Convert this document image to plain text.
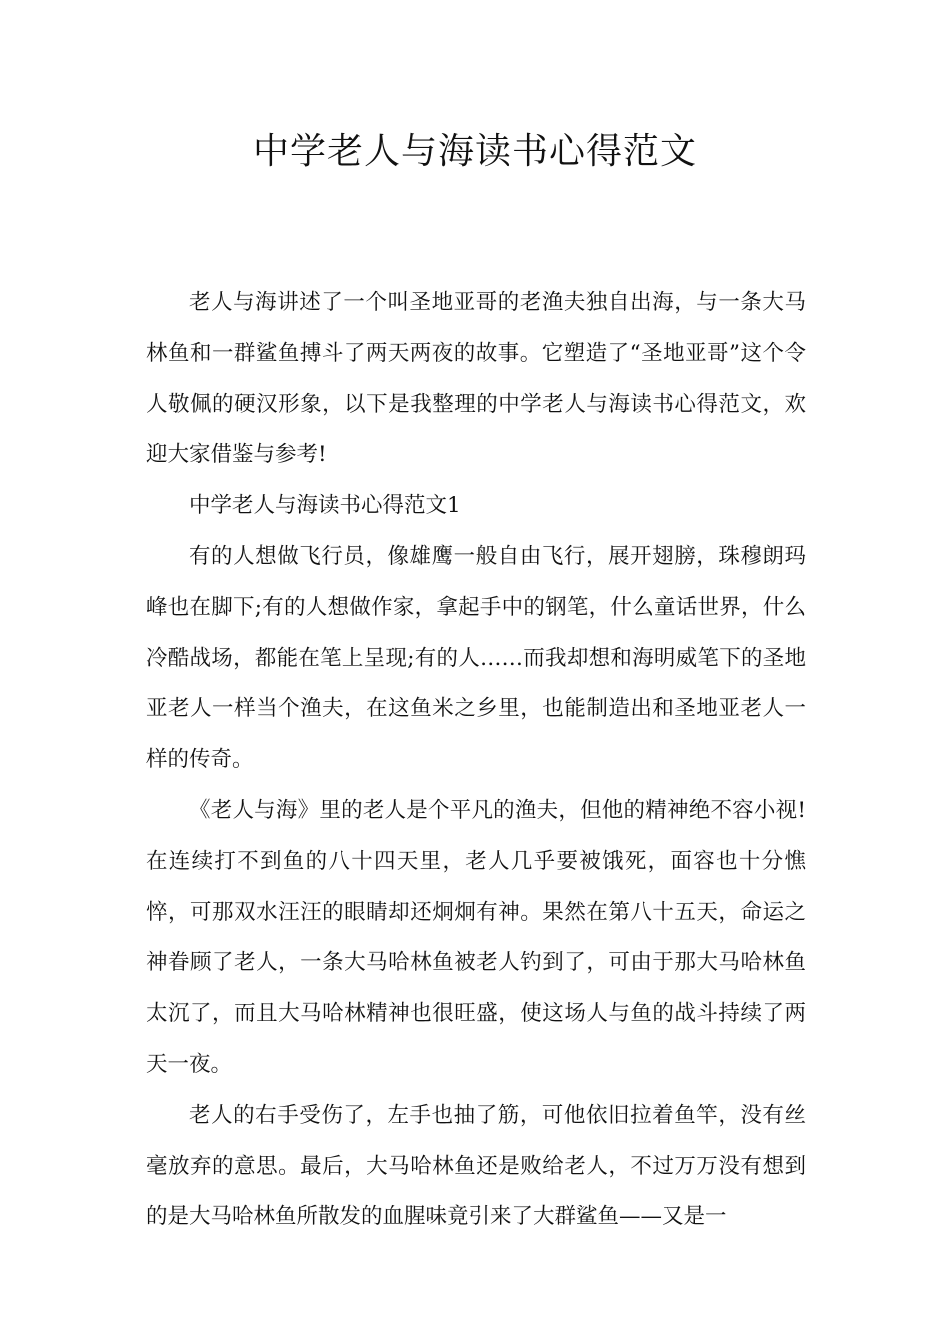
中学老人与海读书心得范文

老人与海讲述了一个叫圣地亚哥的老渔夫独自出海，与一条大马林鱼和一群鲨鱼搏斗了两天两夜的故事。它塑造了“圣地亚哥”这个令人敬佩的硬汉形象，以下是我整理的中学老人与海读书心得范文，欢迎大家借鉴与参考!

中学老人与海读书心得范文1

有的人想做飞行员，像雄鹰一般自由飞行，展开翅膀，珠穆朗玛峰也在脚下;有的人想做作家，拿起手中的钢笔，什么童话世界，什么冷酷战场，都能在笔上呈现;有的人……而我却想和海明威笔下的圣地亚老人一样当个渔夫，在这鱼米之乡里，也能制造出和圣地亚老人一样的传奇。

《老人与海》里的老人是个平凡的渔夫，但他的精神绝不容小视!在连续打不到鱼的八十四天里，老人几乎要被饿死，面容也十分憔悴，可那双水汪汪的眼睛却还炯炯有神。果然在第八十五天，命运之神眷顾了老人，一条大马哈林鱼被老人钓到了，可由于那大马哈林鱼太沉了，而且大马哈林精神也很旺盛，使这场人与鱼的战斗持续了两天一夜。

老人的右手受伤了，左手也抽了筋，可他依旧拉着鱼竿，没有丝毫放弃的意思。最后，大马哈林鱼还是败给老人，不过万万没有想到的是大马哈林鱼所散发的血腥味竟引来了大群鲨鱼——又是一
